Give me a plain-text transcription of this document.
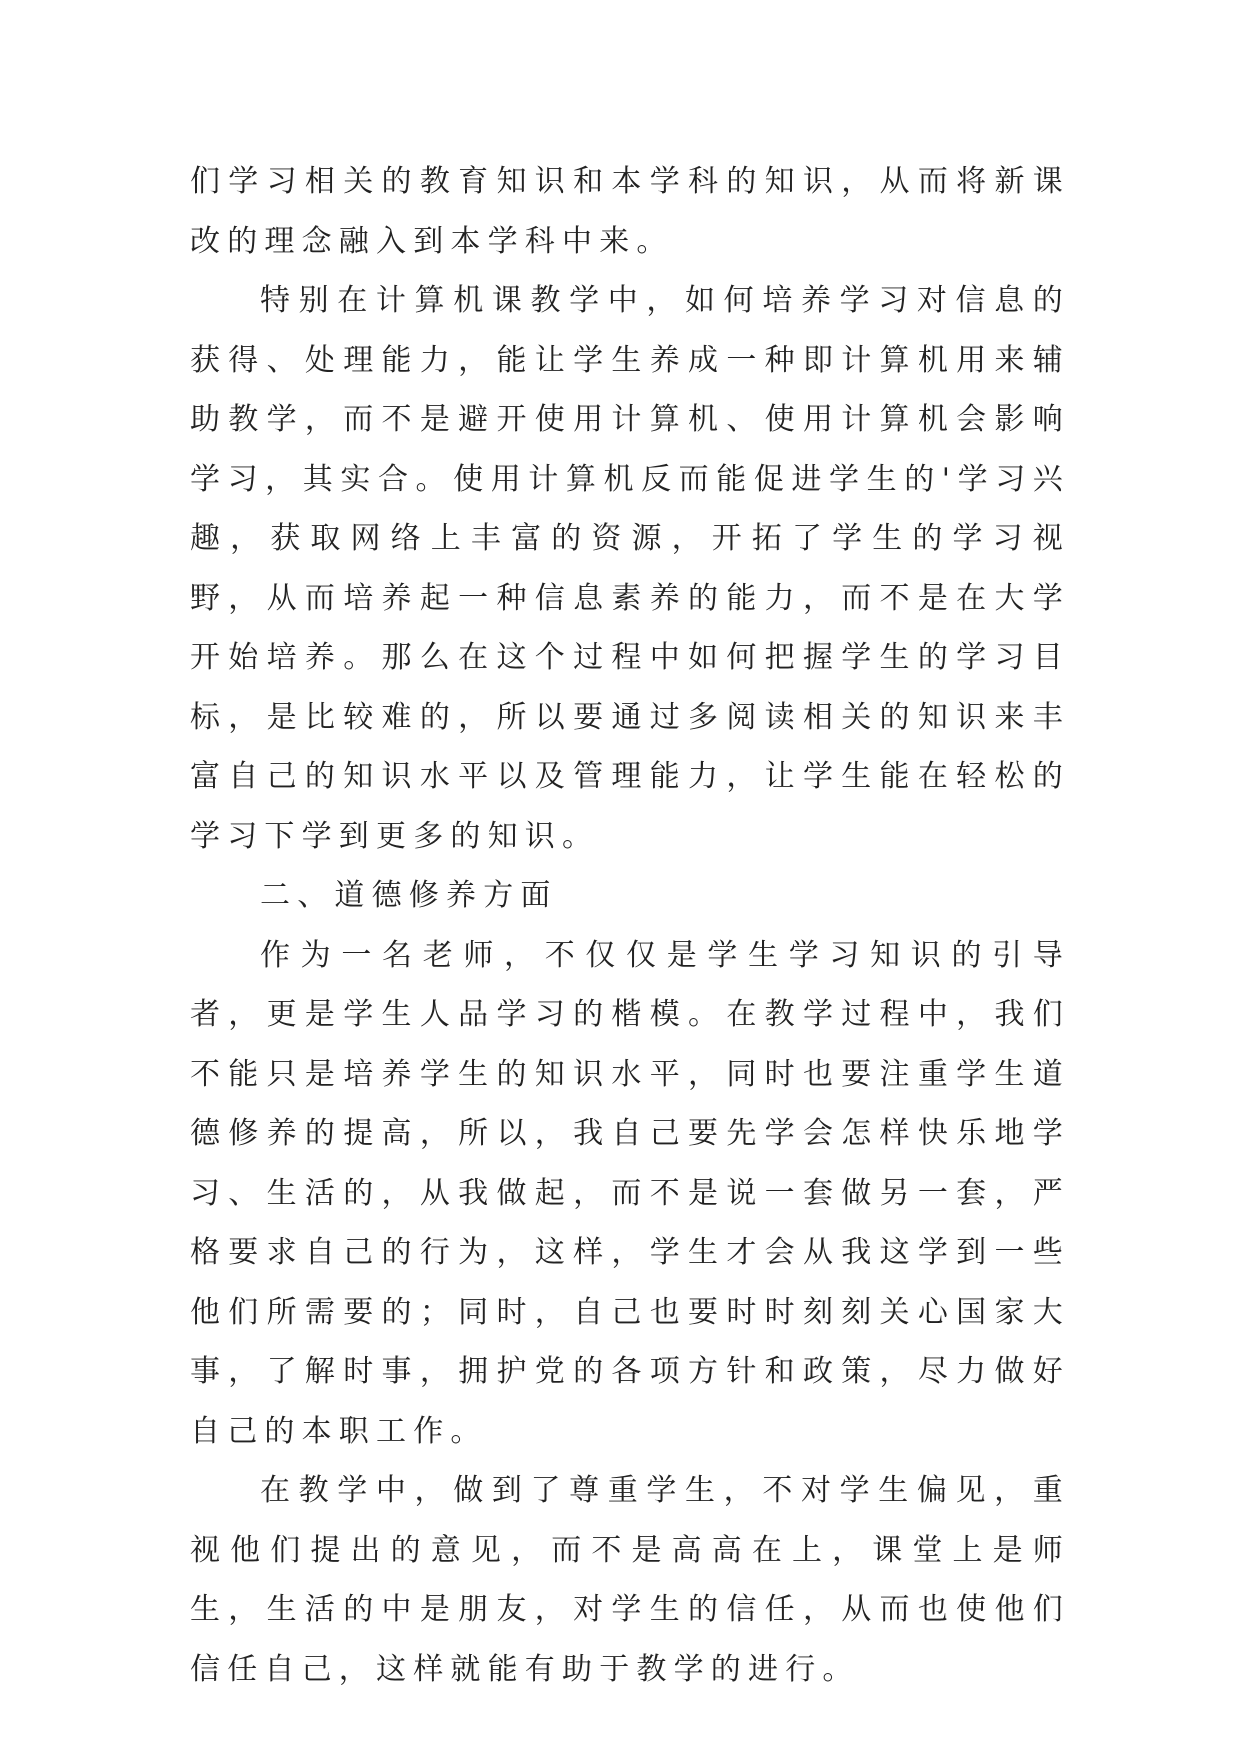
们学习相关的教育知识和本学科的知识，从而将新课改的理念融入到本学科中来。

特别在计算机课教学中，如何培养学习对信息的获得、处理能力，能让学生养成一种即计算机用来辅助教学，而不是避开使用计算机、使用计算机会影响学习，其实合。使用计算机反而能促进学生的'学习兴趣，获取网络上丰富的资源，开拓了学生的学习视野，从而培养起一种信息素养的能力，而不是在大学开始培养。那么在这个过程中如何把握学生的学习目标，是比较难的，所以要通过多阅读相关的知识来丰富自己的知识水平以及管理能力，让学生能在轻松的学习下学到更多的知识。

二、道德修养方面

作为一名老师，不仅仅是学生学习知识的引导者，更是学生人品学习的楷模。在教学过程中，我们不能只是培养学生的知识水平，同时也要注重学生道德修养的提高，所以，我自己要先学会怎样快乐地学习、生活的，从我做起，而不是说一套做另一套，严格要求自己的行为，这样，学生才会从我这学到一些他们所需要的；同时，自己也要时时刻刻关心国家大事，了解时事，拥护党的各项方针和政策，尽力做好自己的本职工作。

在教学中，做到了尊重学生，不对学生偏见，重视他们提出的意见，而不是高高在上，课堂上是师生，生活的中是朋友，对学生的信任，从而也使他们信任自己，这样就能有助于教学的进行。
